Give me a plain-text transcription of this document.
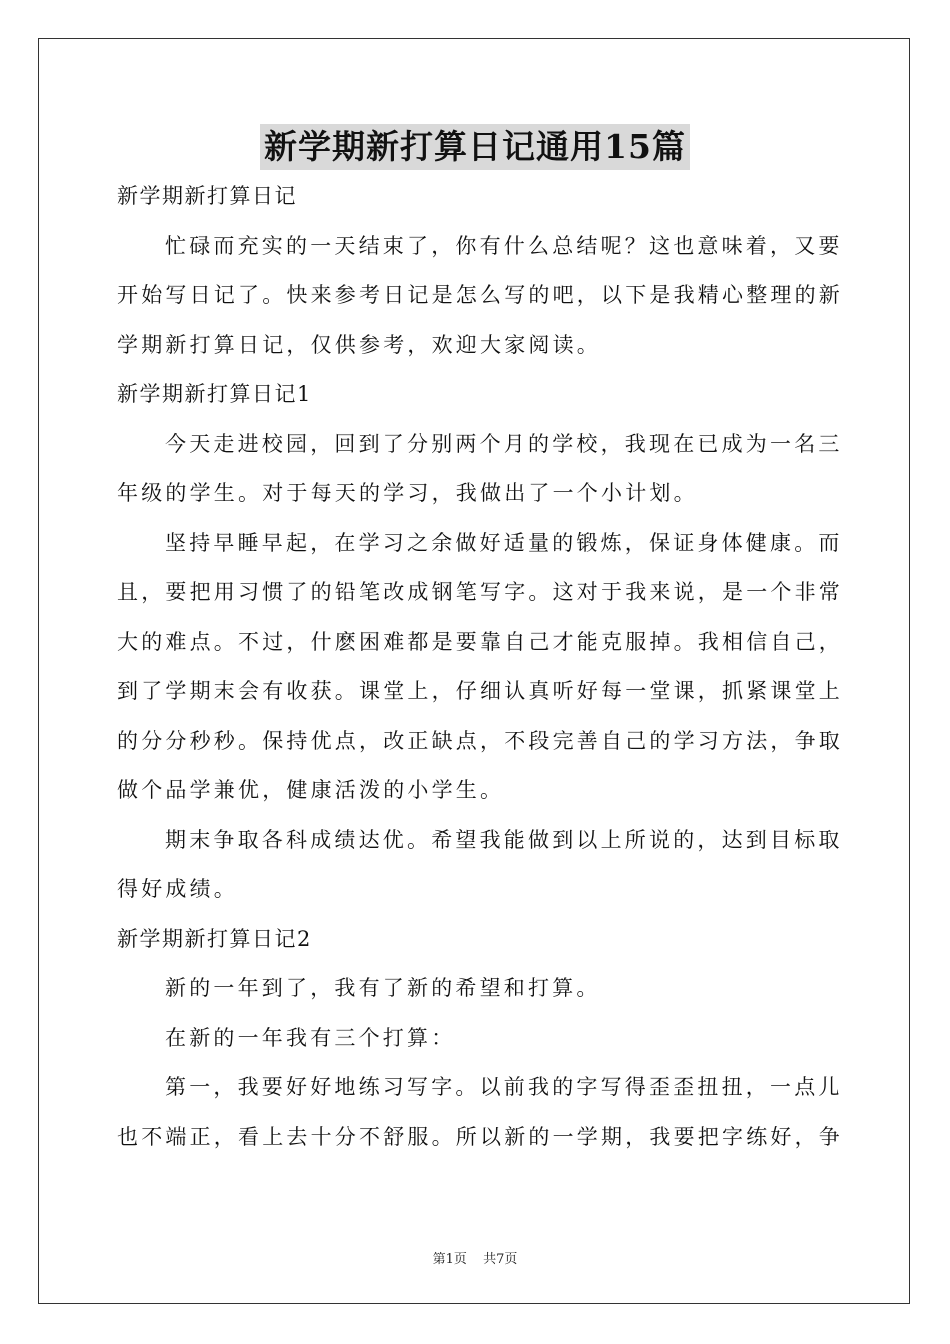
新学期新打算日记通用15篇
新学期新打算日记
忙碌而充实的一天结束了，你有什么总结呢？这也意味着，又要
开始写日记了。快来参考日记是怎么写的吧，以下是我精心整理的新
学期新打算日记，仅供参考，欢迎大家阅读。
新学期新打算日记1
今天走进校园，回到了分别两个月的学校，我现在已成为一名三
年级的学生。对于每天的学习，我做出了一个小计划。
坚持早睡早起，在学习之余做好适量的锻炼，保证身体健康。而
且，要把用习惯了的铅笔改成钢笔写字。这对于我来说，是一个非常
大的难点。不过，什麽困难都是要靠自己才能克服掉。我相信自己，
到了学期末会有收获。课堂上，仔细认真听好每一堂课，抓紧课堂上
的分分秒秒。保持优点，改正缺点，不段完善自己的学习方法，争取
做个品学兼优，健康活泼的小学生。
期末争取各科成绩达优。希望我能做到以上所说的，达到目标取
得好成绩。
新学期新打算日记2
新的一年到了，我有了新的希望和打算。
在新的一年我有三个打算：
第一，我要好好地练习写字。以前我的字写得歪歪扭扭，一点儿
也不端正，看上去十分不舒服。所以新的一学期，我要把字练好，争
第1页 共7页
